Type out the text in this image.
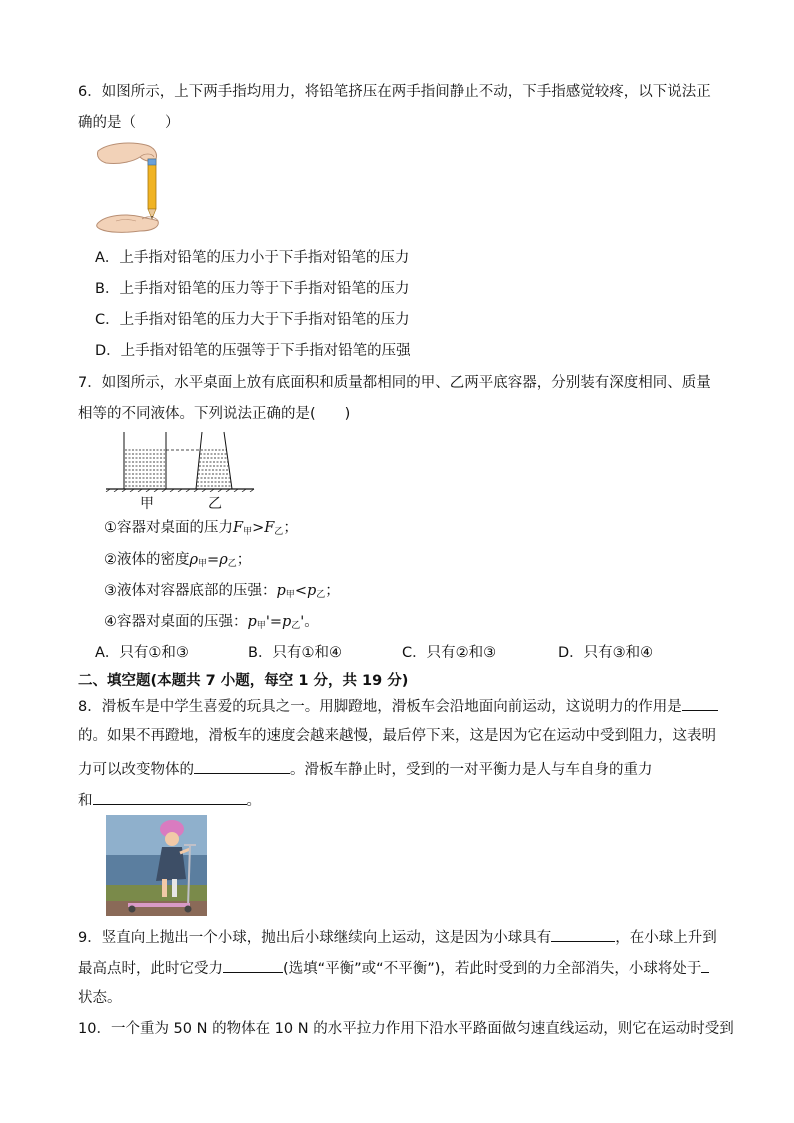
6．如图所示，上下两手指均用力，将铅笔挤压在两手指间静止不动，下手指感觉较疼，以下说法正
确的是（　　）
A．上手指对铅笔的压力小于下手指对铅笔的压力
B．上手指对铅笔的压力等于下手指对铅笔的压力
C．上手指对铅笔的压力大于下手指对铅笔的压力
D．上手指对铅笔的压强等于下手指对铅笔的压强
7．如图所示，水平桌面上放有底面积和质量都相同的甲、乙两平底容器，分别装有深度相同、质量
相等的不同液体。下列说法正确的是(　　)
甲	乙
①容器对桌面的压力$F_甲>F_乙$；
②液体的密度$\rho_甲=\rho_乙$；
③液体对容器底部的压强：$p_甲<p_乙$；
④容器对桌面的压强：$p_甲'=p_乙'$。
A．只有①和③	B．只有①和④	C．只有②和③	D．只有③和④
二、填空题(本题共 7 小题，每空 1 分，共 19 分)
8．滑板车是中学生喜爱的玩具之一。用脚蹬地，滑板车会沿地面向前运动，这说明力的作用是
的。如果不再蹬地，滑板车的速度会越来越慢，最后停下来，这是因为它在运动中受到阻力，这表明
力可以改变物体的	。滑板车静止时，受到的一对平衡力是人与车自身的重力
和	。
9．竖直向上抛出一个小球，抛出后小球继续向上运动，这是因为小球具有	，在小球上升到
最高点时，此时它受力	(选填“平衡”或“不平衡”)，若此时受到的力全部消失，小球将处于
状态。
10．一个重为 50 N 的物体在 10 N 的水平拉力作用下沿水平路面做匀速直线运动，则它在运动时受到
